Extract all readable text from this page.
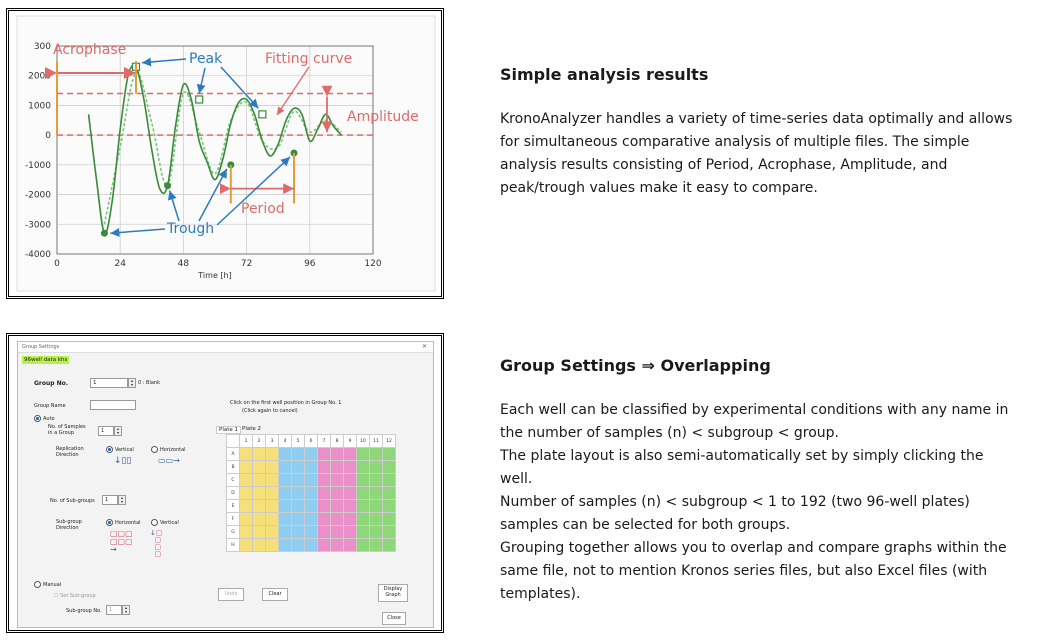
300
2000
1000
0
-1000
-2000
-3000
-4000
0	24	48	72	96	120
Time [h]
Acrophase
Peak	Fitting curve
Amplitude
Period
Trough
Simple analysis results

KronoAnalyzer handles a variety of time-series data optimally and allows for simultaneous comparative analysis of multiple files. The simple analysis results consisting of Period, Acrophase, Amplitude, and peak/trough values make it easy to compare.

Group Settings	✕
96well data khs
Group No.	1	▴
▾	0 : Blank
Group Name	Click on the first well position in Group No. 1
(Click again to cancel)
Auto
No. of Samples
in a Group	1	▴
▾
Replication
Direction
Vertical	Horizontal
↓▯▯	▭▭→
No. of Sub-groups 1	▴
▾
Sub-group
Direction
Horizontal	Vertical
▢▢▢
▢▢▢
→
↓▢
▢
▢
▢
Manual
☐ Set Sub-group
Sub-group No. 1	▴
▾
Plate 1 Plate 2
	1	2	3	4	5	6	7	8	9	10	11	12
A												
B												
C												
D												
E												
F												
G												
H												
Undo	Clear
Display
Graph
Close
Group Settings ⇒ Overlapping

Each well can be classified by experimental conditions with any name in the number of samples (n) < subgroup < group.
The plate layout is also semi-automatically set by simply clicking the well.
Number of samples (n) < subgroup < 1 to 192 (two 96-well plates) samples can be selected for both groups.
Grouping together allows you to overlap and compare graphs within the same file, not to mention Kronos series files, but also Excel files (with templates).
